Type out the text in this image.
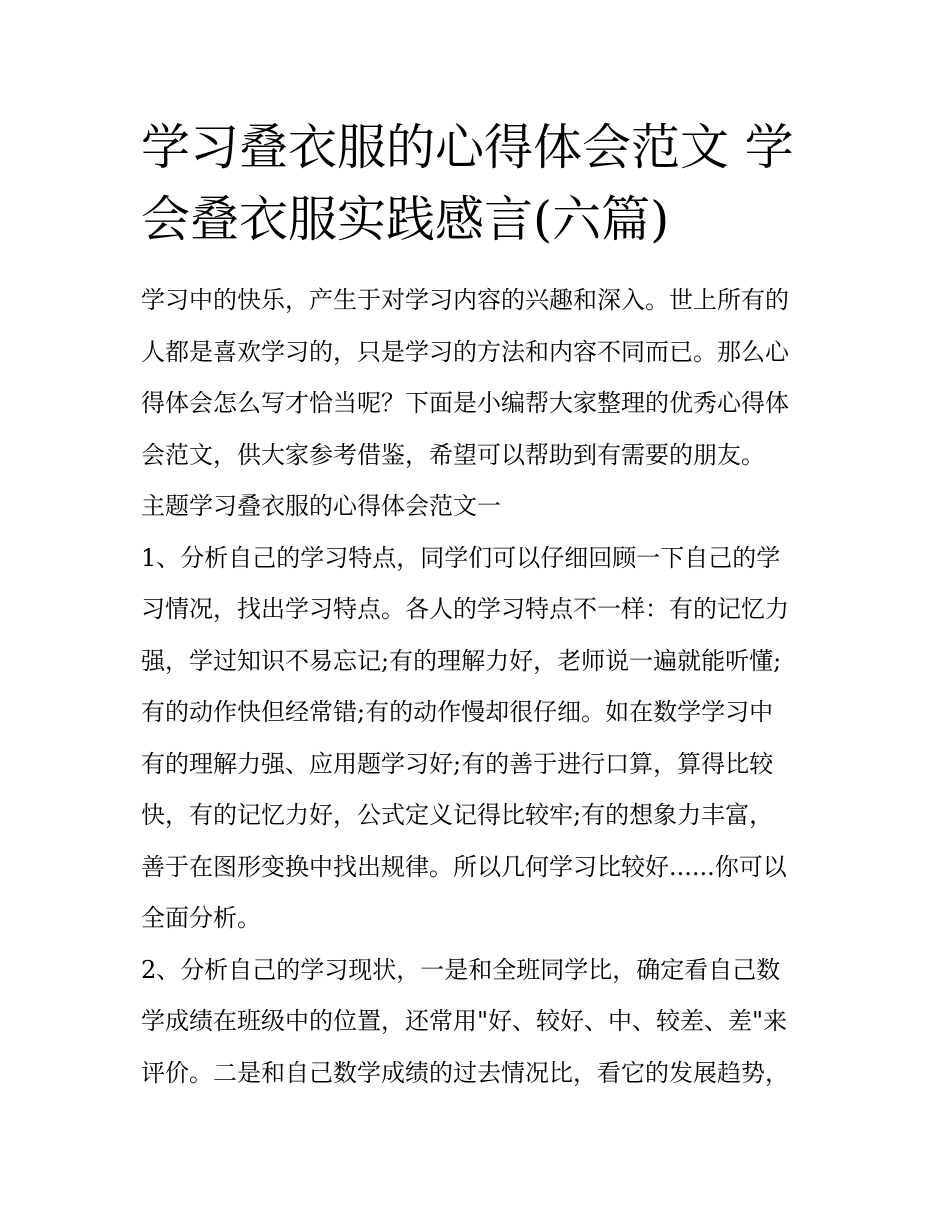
学习叠衣服的心得体会范文 学
会叠衣服实践感言(六篇)
学习中的快乐，产生于对学习内容的兴趣和深入。世上所有的
人都是喜欢学习的，只是学习的方法和内容不同而已。那么心
得体会怎么写才恰当呢？下面是小编帮大家整理的优秀心得体
会范文，供大家参考借鉴，希望可以帮助到有需要的朋友。
主题学习叠衣服的心得体会范文一
1、分析自己的学习特点，同学们可以仔细回顾一下自己的学
习情况，找出学习特点。各人的学习特点不一样：有的记忆力
强，学过知识不易忘记;有的理解力好，老师说一遍就能听懂;
有的动作快但经常错;有的动作慢却很仔细。如在数学学习中
有的理解力强、应用题学习好;有的善于进行口算，算得比较
快，有的记忆力好，公式定义记得比较牢;有的想象力丰富，
善于在图形变换中找出规律。所以几何学习比较好......你可以
全面分析。
2、分析自己的学习现状，一是和全班同学比，确定看自己数
学成绩在班级中的位置，还常用"好、较好、中、较差、差"来
评价。二是和自己数学成绩的过去情况比，看它的发展趋势，
